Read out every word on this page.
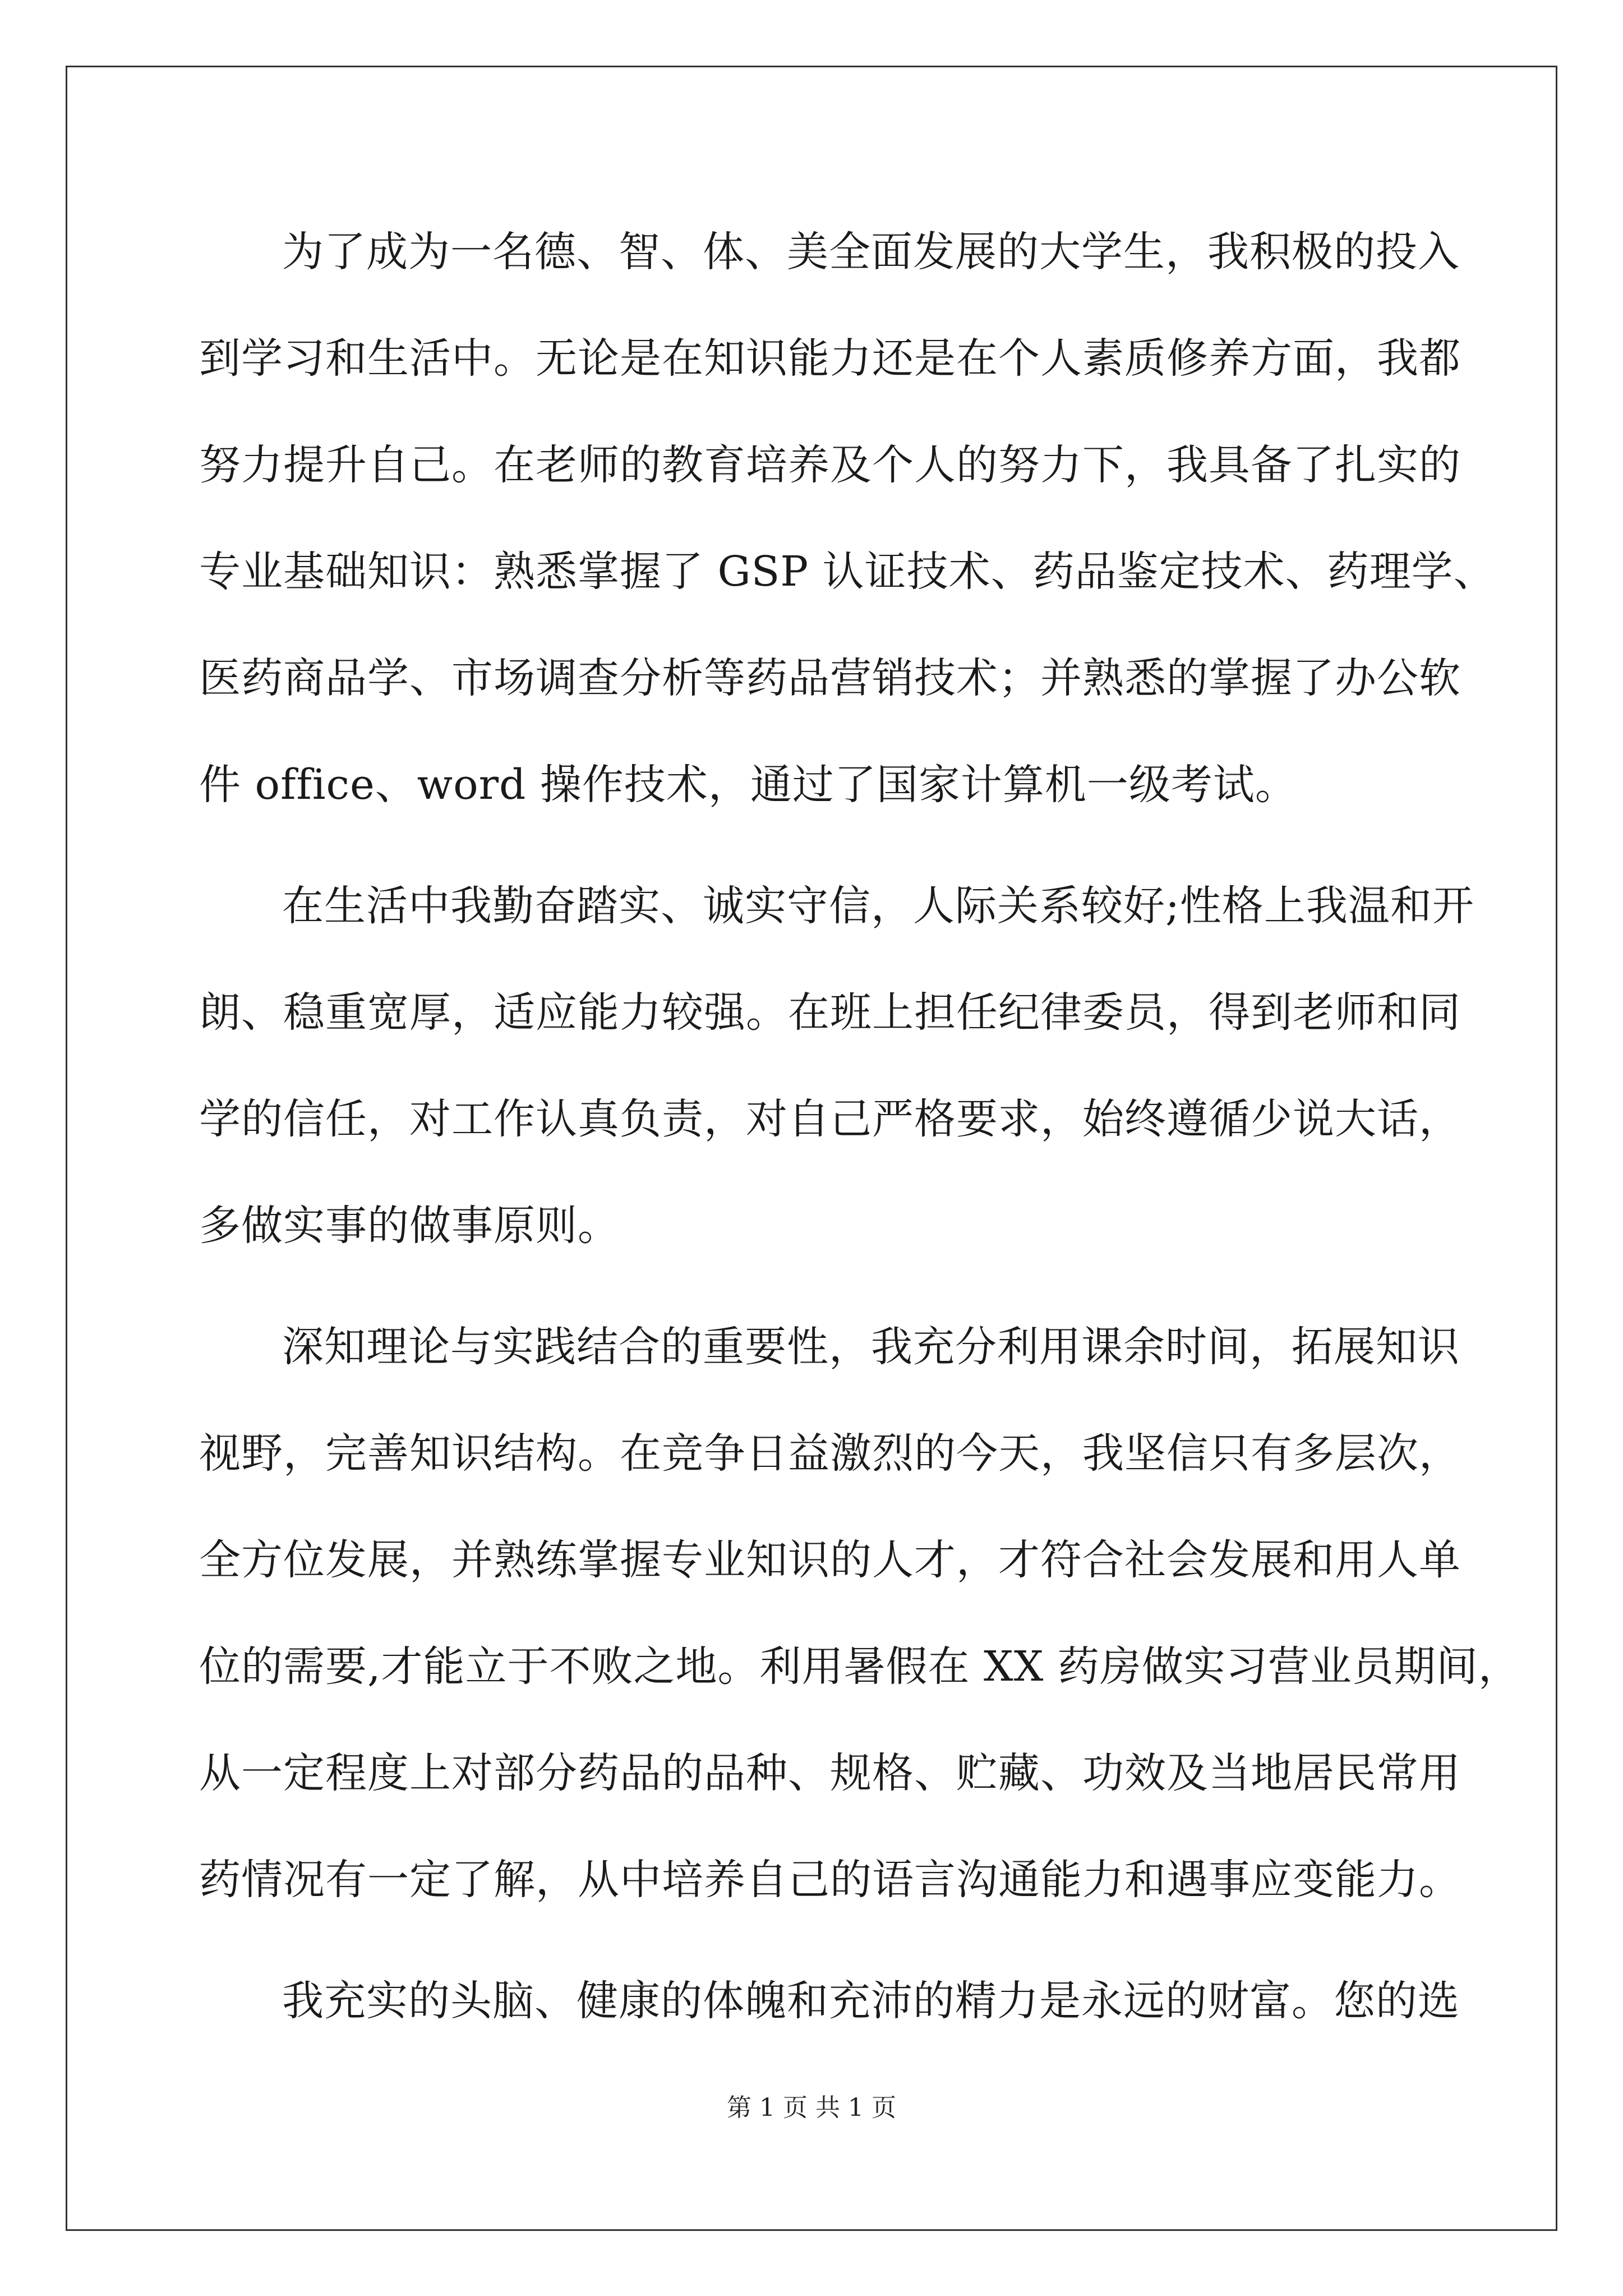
为了成为一名德、智、体、美全面发展的大学生，我积极的投入
到学习和生活中。无论是在知识能力还是在个人素质修养方面，我都
努力提升自己。在老师的教育培养及个人的努力下，我具备了扎实的
专业基础知识：熟悉掌握了 GSP 认证技术、药品鉴定技术、药理学、
医药商品学、市场调查分析等药品营销技术；并熟悉的掌握了办公软
件 office、word 操作技术，通过了国家计算机一级考试。
在生活中我勤奋踏实、诚实守信，人际关系较好;性格上我温和开
朗、稳重宽厚，适应能力较强。在班上担任纪律委员，得到老师和同
学的信任，对工作认真负责，对自己严格要求，始终遵循少说大话，
多做实事的做事原则。
深知理论与实践结合的重要性，我充分利用课余时间，拓展知识
视野，完善知识结构。在竞争日益激烈的今天，我坚信只有多层次，
全方位发展，并熟练掌握专业知识的人才，才符合社会发展和用人单
位的需要,才能立于不败之地。利用暑假在 XX 药房做实习营业员期间，
从一定程度上对部分药品的品种、规格、贮藏、功效及当地居民常用
药情况有一定了解，从中培养自己的语言沟通能力和遇事应变能力。
我充实的头脑、健康的体魄和充沛的精力是永远的财富。您的选
第 1 页 共 1 页
